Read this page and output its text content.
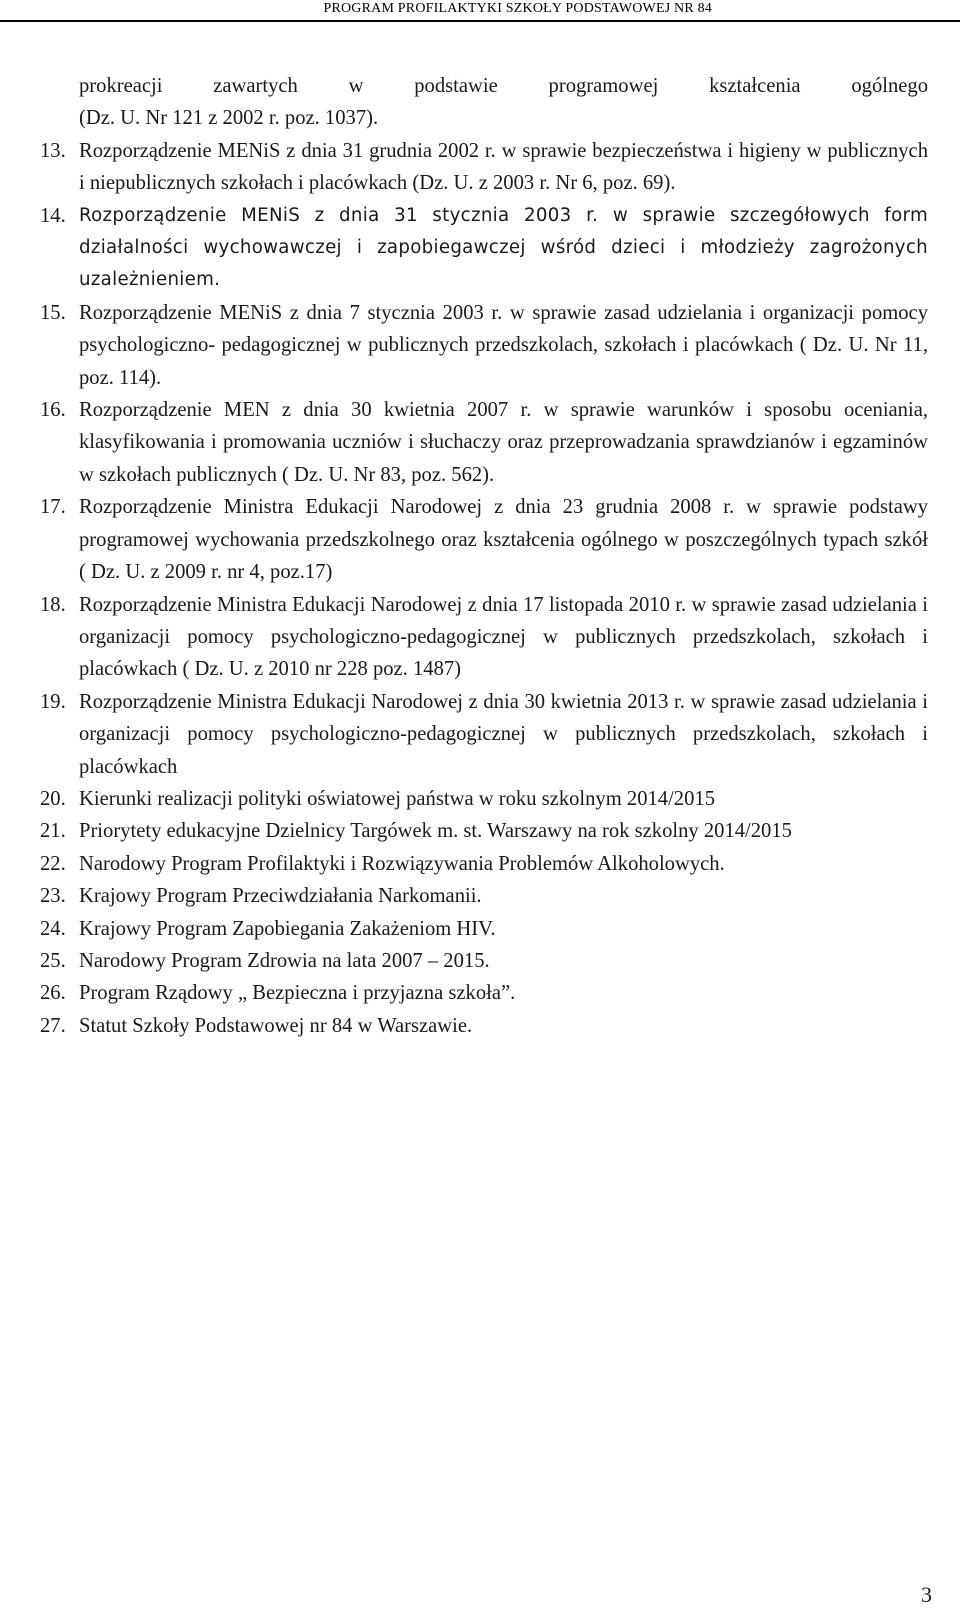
PROGRAM PROFILAKTYKI SZKOŁY PODSTAWOWEJ NR 84
prokreacji zawartych w podstawie programowej kształcenia ogólnego
(Dz. U. Nr 121 z 2002 r. poz. 1037).
13. Rozporządzenie MENiS z dnia 31 grudnia 2002 r. w sprawie bezpieczeństwa i higieny w publicznych i niepublicznych szkołach i placówkach (Dz. U. z 2003 r. Nr 6, poz. 69).
14. Rozporządzenie MENiS z dnia 31 stycznia 2003 r. w sprawie szczegółowych form działalności wychowawczej i zapobiegawczej wśród dzieci i młodzieży zagrożonych uzależnieniem.
15. Rozporządzenie MENiS z dnia 7 stycznia 2003 r. w sprawie zasad udzielania i organizacji pomocy psychologiczno- pedagogicznej w publicznych przedszkolach, szkołach i placówkach ( Dz. U. Nr 11, poz. 114).
16. Rozporządzenie MEN z dnia 30 kwietnia 2007 r. w sprawie warunków i sposobu oceniania, klasyfikowania i promowania uczniów i słuchaczy oraz przeprowadzania sprawdzianów i egzaminów w szkołach publicznych ( Dz. U. Nr 83, poz. 562).
17. Rozporządzenie Ministra Edukacji Narodowej z dnia 23 grudnia 2008 r. w sprawie podstawy programowej wychowania przedszkolnego oraz kształcenia ogólnego w poszczególnych typach szkół ( Dz. U. z 2009 r. nr 4, poz.17)
18. Rozporządzenie Ministra Edukacji Narodowej z dnia 17 listopada 2010 r. w sprawie zasad udzielania i organizacji pomocy psychologiczno-pedagogicznej w publicznych przedszkolach, szkołach i placówkach ( Dz. U. z 2010 nr 228 poz. 1487)
19. Rozporządzenie Ministra Edukacji Narodowej z dnia 30 kwietnia 2013 r. w sprawie zasad udzielania i organizacji pomocy psychologiczno-pedagogicznej w publicznych przedszkolach, szkołach i placówkach
20. Kierunki realizacji polityki oświatowej państwa w roku szkolnym 2014/2015
21. Priorytety edukacyjne Dzielnicy Targówek m. st. Warszawy na rok szkolny 2014/2015
22. Narodowy Program Profilaktyki i Rozwiązywania Problemów Alkoholowych.
23. Krajowy Program Przeciwdziałania Narkomanii.
24. Krajowy Program Zapobiegania Zakażeniom HIV.
25. Narodowy Program Zdrowia na lata 2007 – 2015.
26. Program Rządowy „ Bezpieczna i przyjazna szkoła”.
27. Statut Szkoły Podstawowej nr 84 w Warszawie.
3
